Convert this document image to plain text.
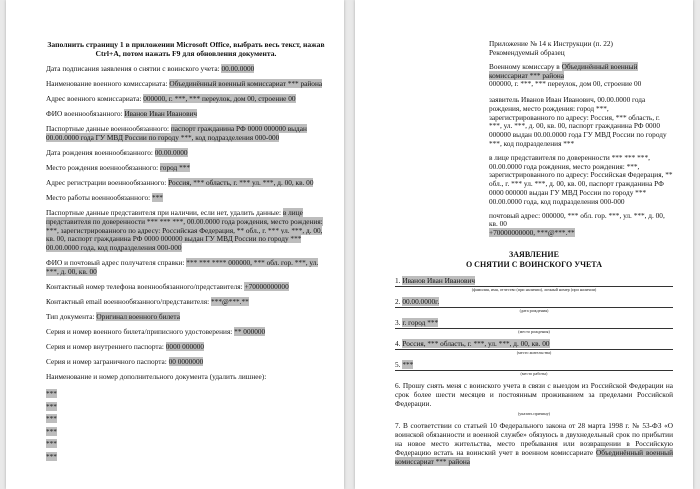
Заполнить страницу 1 в приложении Microsoft Office, выбрать весь текст, нажав Ctrl+A, потом нажать F9 для обновления документа.
Дата подписания заявления о снятии с воинского учета: 00.00.0000
Наименование военного комиссариата: Объединённый военный комиссариат *** района
Адрес военного комиссариата: 000000, г. ***, *** переулок, дом 00, строение 00
ФИО военнообязанного: Иванов Иван Иванович
Паспортные данные военнообязанного: паспорт гражданина РФ 0000 000000 выдан 00.00.0000 года ГУ МВД России по городу ***, код подразделения 000-000
Дата рождения военнообязанного: 00.00.0000
Место рождения военнообязанного: город ***
Адрес регистрации военнообязанного: Россия, *** область, г. *** ул. ***, д. 00, кв. 00
Место работы военнообязанного: ***
Паспортные данные представителя при наличии, если нет, удалить данные: в лице представителя по доверенности *** *** ***, 00.00.0000 года рождения, место рождения: ***, зарегистрированного по адресу: Российская Федерация, ** обл., г. *** ул. ***, д. 00, кв. 00, паспорт гражданина РФ 0000 000000 выдан ГУ МВД России по городу *** 00.00.0000 года, код подразделения 000-000
ФИО и почтовый адрес получателя справки: *** *** **** 000000, *** обл. гор. ***, ул. ***, д. 00, кв. 00
Контактный номер телефона военнообязанного/представителя: +70000000000
Контактный email военнообязанного/представителя: ***@***.**
Тип документа: Оригинал военного билета
Серия и номер военного билета/приписного удостоверения: ** 000000
Серия и номер внутреннего паспорта: 0000 000000
Серия и номер заграничного паспорта: 00 0000000
Наименование и номер дополнительного документа (удалить лишнее):
***
***
***
***
***
***
Приложение № 14 к Инструкции (п. 22)
Рекомендуемый образец
Военному комиссару в Объединённый военный комиссариат *** района
000000, г. ***, *** переулок, дом 00, строение 00
заявитель Иванов Иван Иванович, 00.00.0000 года рождения, место рождения: город ***, зарегистрированного по адресу: Россия, *** область, г. ***, ул. ***, д. 00, кв. 00, паспорт гражданина РФ 0000 000000 выдан 00.00.0000 года ГУ МВД России по городу ***, код подразделения ***
в лице представителя по доверенности *** *** ***, 00.00.0000 года рождения, место рождения: ***, зарегистрированного по адресу: Российская Федерация, ** обл., г. *** ул. ***, д. 00, кв. 00, паспорт гражданина РФ 0000 000000 выдан ГУ МВД России по городу *** 00.00.0000 года, код подразделения 000-000
почтовый адрес: 000000, *** обл. гор. ***, ул. ***, д. 00, кв. 00
+70000000000, ***@***.**
ЗАЯВЛЕНИЕ
О СНЯТИИ С ВОИНСКОГО УЧЕТА
1. Иванов Иван Иванович
(фамилия, имя, отчество (при наличии), личный номер (при наличии)
2. 00.00.0000г.
(дата рождения)
3. г. город ***
(место рождения)
4. Россия, *** область, г. ***, ул. ***, д. 00, кв. 00
(место жительства)
5. ***
(место работы)
6. Прошу снять меня с воинского учета в связи с выездом из Российской Федерации на срок более шести месяцев и постоянным проживанием за пределами Российской Федерации.
(указать причину)
7. В соответствии со статьей 10 Федерального закона от 28 марта 1998 г. № 53-ФЗ «О воинской обязанности и военной службе» обязуюсь в двухнедельный срок по прибытии на новое место жительства, место пребывания или возвращении в Российскую Федерацию встать на воинский учет в военном комиссариате Объединённый военный комиссариат *** района
